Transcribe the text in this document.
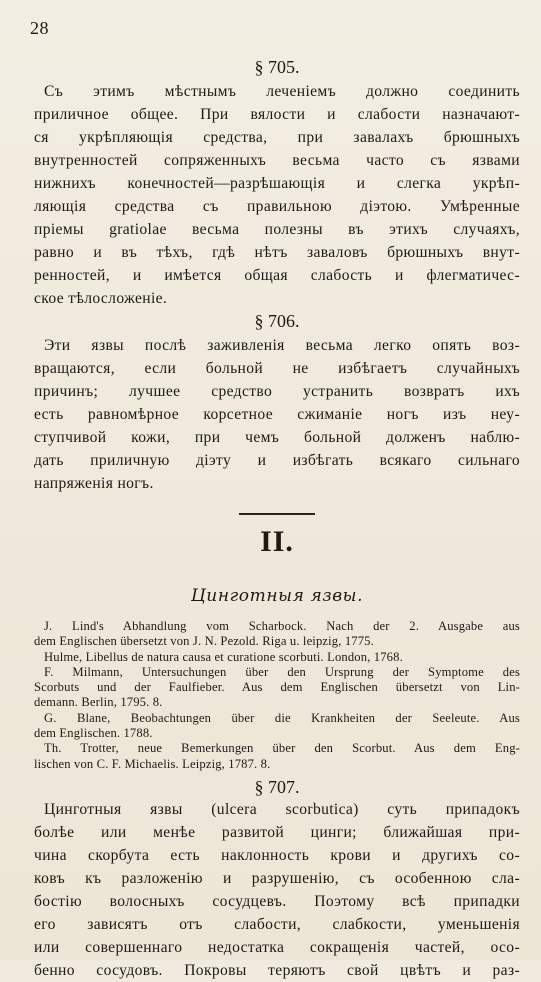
28
§ 705.
Съ этимъ мѣстнымъ леченіемъ должно соединить
приличное общее. При вялости и слабости назначают-
ся укрѣпляющія средства, при завалахъ брюшныхъ
внутренностей сопряженныхъ весьма часто съ язвами
нижнихъ конечностей—разрѣшающія и слегка укрѣп-
ляющія средства съ правильною діэтою. Умѣренные
пріемы gratiolae весьма полезны въ этихъ случаяхъ,
равно и въ тѣхъ, гдѣ нѣтъ заваловъ брюшныхъ внут-
ренностей, и имѣется общая слабость и флегматичес-
ское тѣлосложеніе.
§ 706.
Эти язвы послѣ заживленія весьма легко опять воз-
вращаются, если больной не избѣгаетъ случайныхъ
причинъ; лучшее средство устранить возвратъ ихъ
есть равномѣрное корсетное сжиманіе ногъ изъ неу-
ступчивой кожи, при чемъ больной долженъ наблю-
дать приличную діэту и избѣгать всякаго сильнаго
напряженія ногъ.
II.
Цинготныя язвы.
J. Lind's Abhandlung vom Scharbock. Nach der 2. Ausgabe aus
dem Englischen übersetzt von J. N. Pezold. Riga u. leipzig, 1775.
Hulme, Libellus de natura causa et curatione scorbuti. London, 1768.
F. Milmann, Untersuchungen über den Ursprung der Symptome des
Scorbuts und der Faulfieber. Aus dem Englischen übersetzt von Lin-
demann. Berlin, 1795. 8.
G. Blane, Beobachtungen über die Krankheiten der Seeleute. Aus
dem Englischen. 1788.
Th. Trotter, neue Bemerkungen über den Scorbut. Aus dem Eng-
lischen von C. F. Michaelis. Leipzig, 1787. 8.
§ 707.
Цинготныя язвы (ulcera scorbutica) суть припадокъ
болѣе или менѣе развитой цинги; ближайшая при-
чина скорбута есть наклонность крови и другихъ со-
ковъ къ разложенію и разрушенію, съ особенною сла-
бостію волосныхъ сосудцевъ. Поэтому всѣ припадки
его зависятъ отъ слабости, слабкости, уменьшенія
или совершеннаго недостатка сокращенія частей, осо-
бенно сосудовъ. Покровы теряютъ свой цвѣтъ и раз-
